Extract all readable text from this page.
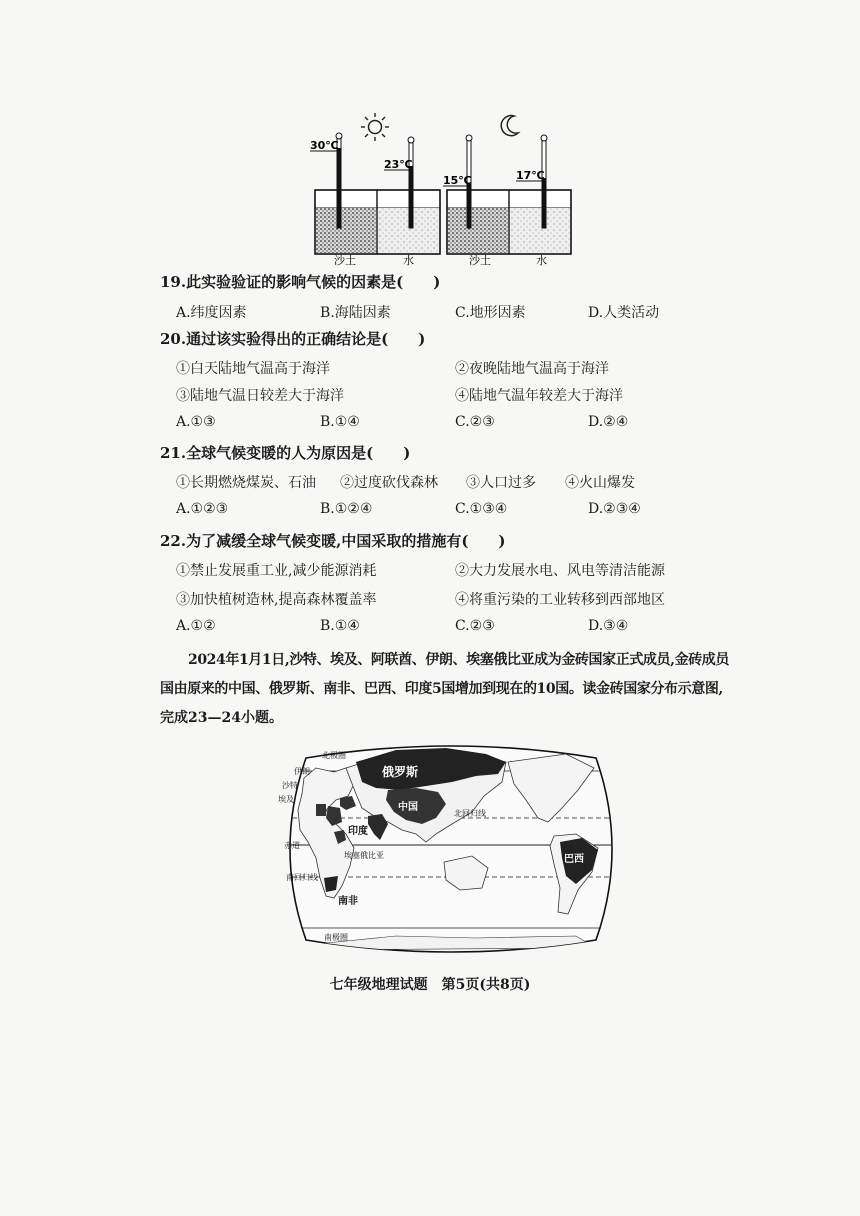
30℃
23℃
沙土	水
15℃	17℃
沙土	水
19.此实验验证的影响气候的因素是(　　)
A.纬度因素	B.海陆因素	C.地形因素	D.人类活动
20.通过该实验得出的正确结论是(　　)
①白天陆地气温高于海洋	②夜晚陆地气温高于海洋
③陆地气温日较差大于海洋	④陆地气温年较差大于海洋
A.①③	B.①④	C.②③	D.②④
21.全球气候变暖的人为原因是(　　)
①长期燃烧煤炭、石油 ②过度砍伐森林 ③人口过多 ④火山爆发
A.①②③	B.①②④	C.①③④	D.②③④
22.为了减缓全球气候变暖,中国采取的措施有(　　)
①禁止发展重工业,减少能源消耗	②大力发展水电、风电等清洁能源
③加快植树造林,提高森林覆盖率	④将重污染的工业转移到西部地区
A.①②	B.①④	C.②③	D.③④
2024年1月1日,沙特、埃及、阿联酋、伊朗、埃塞俄比亚成为金砖国家正式成员,金砖成员
国由原来的中国、俄罗斯、南非、巴西、印度5国增加到现在的10国。读金砖国家分布示意图,
完成23—24小题。
北极圈
伊朗
沙特
埃及
俄罗斯
中国
印度
北回归线
赤道
埃塞俄比亚	巴西
南回归线
南非
南极圈
七年级地理试题　第5页(共8页)
